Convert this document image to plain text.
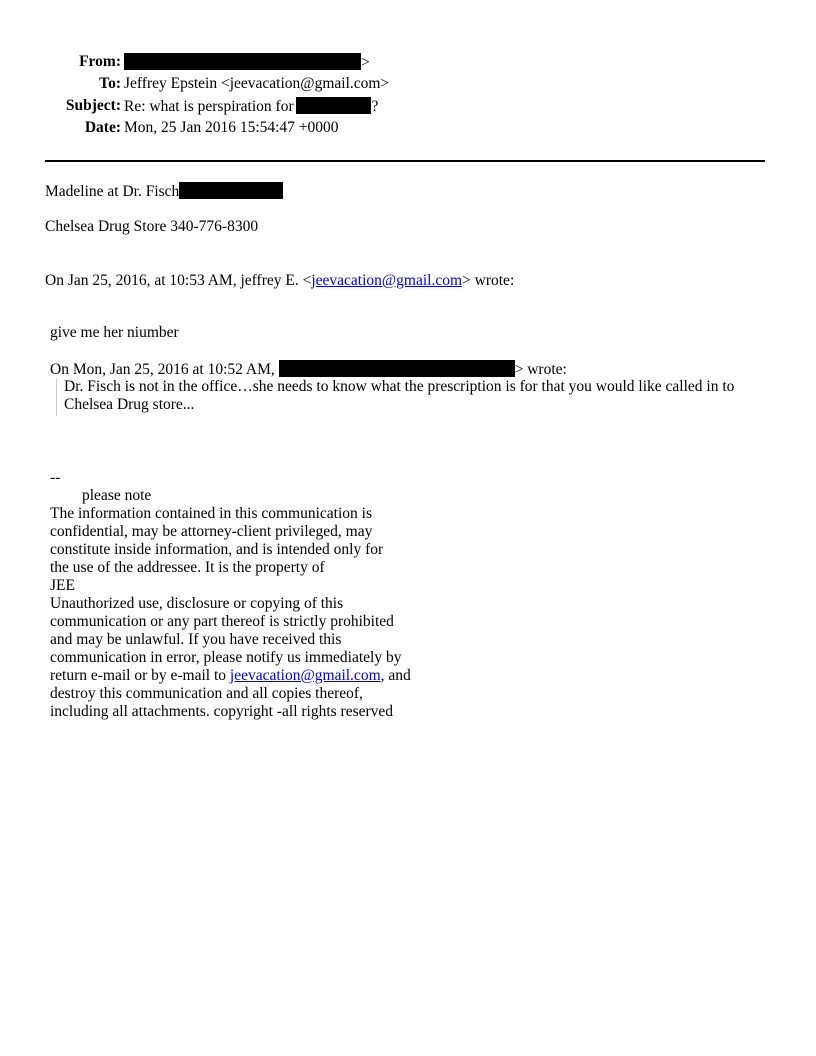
From:	>
To: Jeffrey Epstein <jeevacation@gmail.com>
Subject: Re: what is perspiration for	?
Date: Mon, 25 Jan 2016 15:54:47 +0000
Madeline at Dr. Fisch
Chelsea Drug Store 340-776-8300
On Jan 25, 2016, at 10:53 AM, jeffrey E. <jeevacation@gmail.com> wrote:
give me her niumber
On Mon, Jan 25, 2016 at 10:52 AM,	> wrote:
Dr. Fisch is not in the office…she needs to know what the prescription is for that you would like called in to
Chelsea Drug store...
--
please note
The information contained in this communication is
confidential, may be attorney-client privileged, may
constitute inside information, and is intended only for
the use of the addressee. It is the property of
JEE
Unauthorized use, disclosure or copying of this
communication or any part thereof is strictly prohibited
and may be unlawful. If you have received this
communication in error, please notify us immediately by
return e-mail or by e-mail to jeevacation@gmail.com, and
destroy this communication and all copies thereof,
including all attachments. copyright -all rights reserved
